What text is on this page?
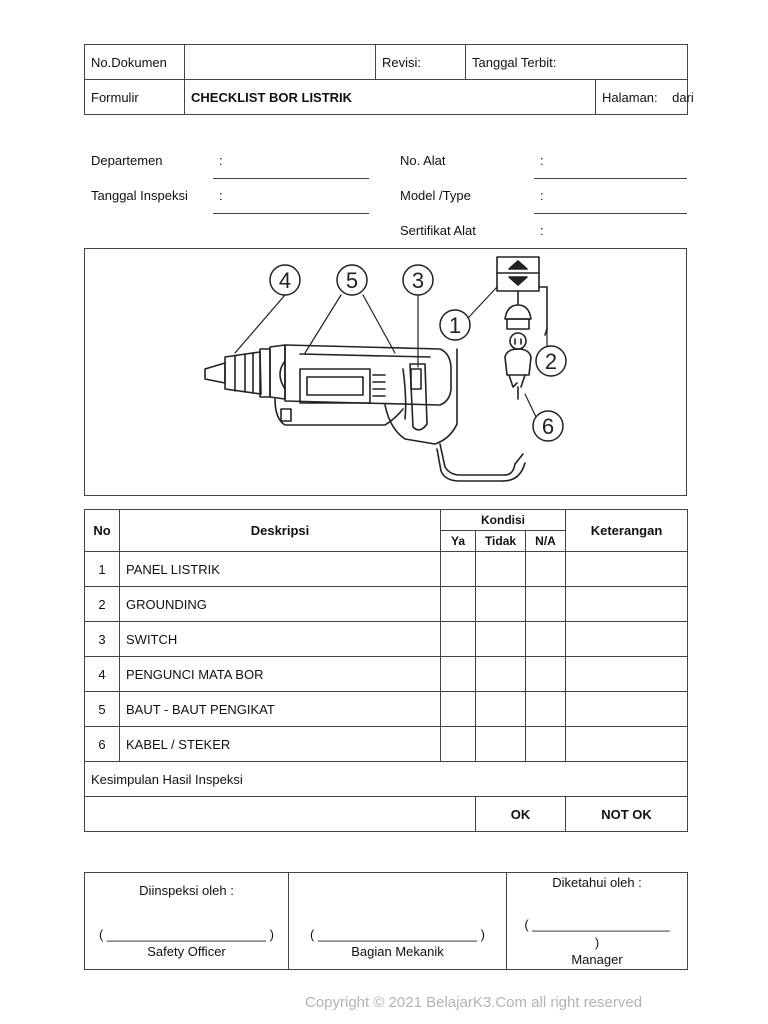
No.Dokumen		Revisi:	Tanggal Terbit:	
Formulir	CHECKLIST BOR LISTRIK			Halaman: dari
Departemen	:
Tanggal Inspeksi :
No. Alat	:
Model /Type	:
Sertifikat Alat	:
4 5 3
1
2
6
No	Deskripsi	Kondisi			Keterangan
		Ya	Tidak	N/A	
1	PANEL LISTRIK				
2	GROUNDING				
3	SWITCH				
4	PENGUNCI MATA BOR				
5	BAUT - BAUT PENGIKAT				
6	KABEL / STEKER				
Kesimpulan Hasil Inspeksi					
			OK		NOT OK
Diinspeksi oleh :
( ______________________ )
Safety Officer

( ______________________ )
Bagian Mekanik

Diketahui oleh :
( ___________________
)
Manager
Copyright © 2021 BelajarK3.Com all right reserved
